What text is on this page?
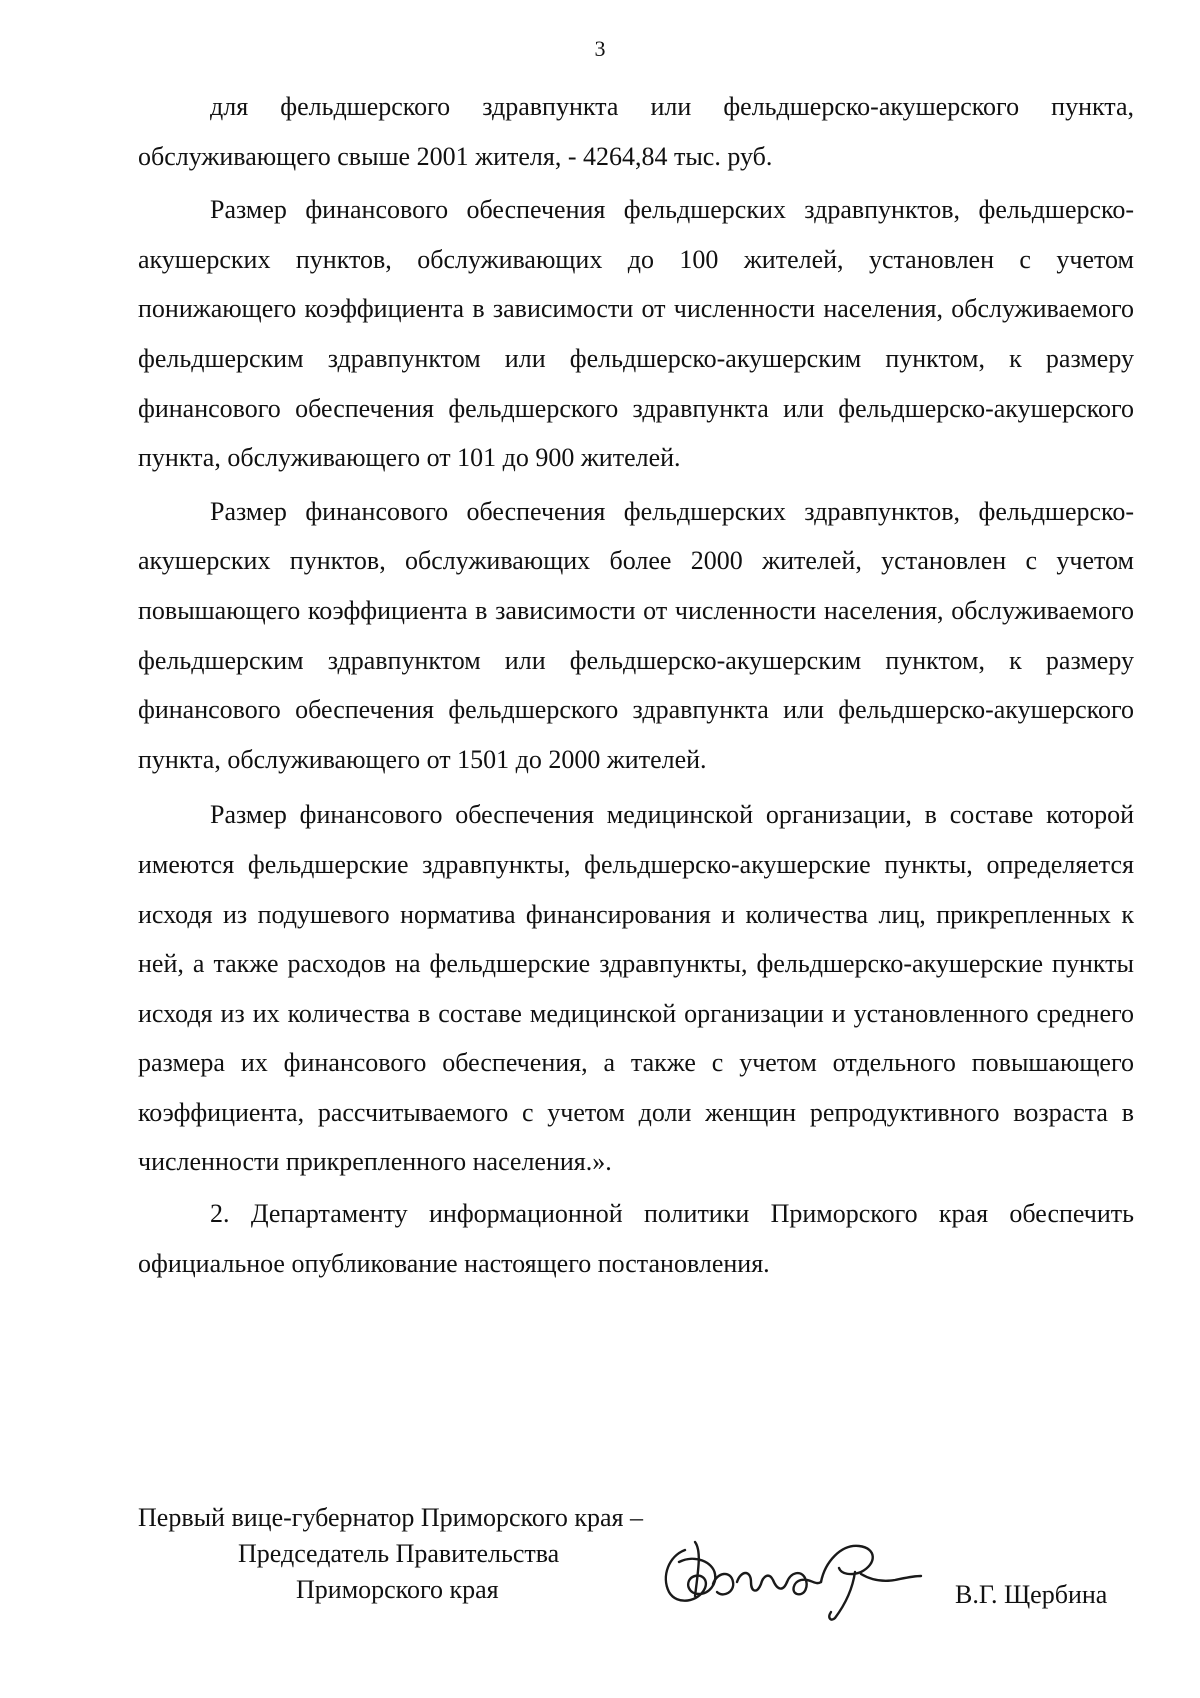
3

для фельдшерского здравпункта или фельдшерско-акушерского пункта, обслуживающего свыше 2001 жителя, - 4264,84 тыс. руб.

Размер финансового обеспечения фельдшерских здравпунктов, фельдшерско-акушерских пунктов, обслуживающих до 100 жителей, установлен с учетом понижающего коэффициента в зависимости от численности населения, обслуживаемого фельдшерским здравпунктом или фельдшерско-акушерским пунктом, к размеру финансового обеспечения фельдшерского здравпункта или фельдшерско-акушерского пункта, обслуживающего от 101 до 900 жителей.

Размер финансового обеспечения фельдшерских здравпунктов, фельдшерско-акушерских пунктов, обслуживающих более 2000 жителей, установлен с учетом повышающего коэффициента в зависимости от численности населения, обслуживаемого фельдшерским здравпунктом или фельдшерско-акушерским пунктом, к размеру финансового обеспечения фельдшерского здравпункта или фельдшерско-акушерского пункта, обслуживающего от 1501 до 2000 жителей.

Размер финансового обеспечения медицинской организации, в составе которой имеются фельдшерские здравпункты, фельдшерско-акушерские пункты, определяется исходя из подушевого норматива финансирования и количества лиц, прикрепленных к ней, а также расходов на фельдшерские здравпункты, фельдшерско-акушерские пункты исходя из их количества в составе медицинской организации и установленного среднего размера их финансового обеспечения, а также с учетом отдельного повышающего коэффициента, рассчитываемого с учетом доли женщин репродуктивного возраста в численности прикрепленного населения.».

2. Департаменту информационной политики Приморского края обеспечить официальное опубликование настоящего постановления.

Первый вице-губернатор Приморского края –
Председатель Правительства
Приморского края	В.Г. Щербина
